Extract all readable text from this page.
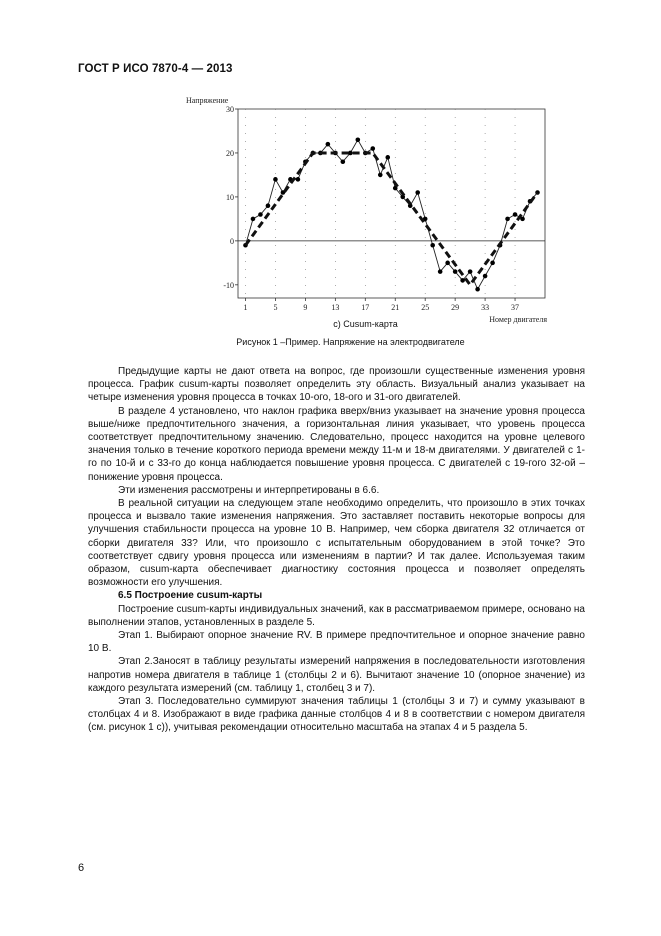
ГОСТ Р ИСО 7870-4 — 2013
30
20
10
0
-10
1	5	9	13	17	21	25	29	33	37
Напряжение
Номер двигателя
c) Cusum-карта
Рисунок 1 –Пример. Напряжение на электродвигателе

Предыдущие карты не дают ответа на вопрос, где произошли существенные изменения уровня процесса. График cusum-карты позволяет определить эту область. Визуальный анализ указывает на четыре изменения уровня процесса в точках 10-ого, 18-ого и 31-ого двигателей.

В разделе 4 установлено, что наклон графика вверх/вниз указывает на значение уровня процесса выше/ниже предпочтительного значения, а горизонтальная линия указывает, что уровень процесса соответствует предпочтительному значению. Следовательно, процесс находится на уровне целевого значения только в течение короткого периода времени между 11-м и 18-м двигателями. У двигателей с 1-го по 10-й и с 33-го до конца наблюдается повышение уровня процесса. С двигателей с 19-гого 32-ой – понижение уровня процесса.

Эти изменения рассмотрены и интерпретированы в 6.6.

В реальной ситуации на следующем этапе необходимо определить, что произошло в этих точках процесса и вызвало такие изменения напряжения. Это заставляет поставить некоторые вопросы для улучшения стабильности процесса на уровне 10 В. Например, чем сборка двигателя 32 отличается от сборки двигателя 33? Или, что произошло с испытательным оборудованием в этой точке? Это соответствует сдвигу уровня процесса или изменениям в партии? И так далее. Используемая таким образом, cusum-карта обеспечивает диагностику состояния процесса и позволяет определять возможности его улучшения.

6.5 Построение cusum-карты

Построение cusum-карты индивидуальных значений, как в рассматриваемом примере, основано на выполнении этапов, установленных в разделе 5.

Этап 1. Выбирают опорное значение RV. В примере предпочтительное и опорное значение равно 10 В.

Этап 2.Заносят в таблицу результаты измерений напряжения в последовательности изготовления напротив номера двигателя в таблице 1 (столбцы 2 и 6). Вычитают значение 10 (опорное значение) из каждого результата измерений (см. таблицу 1, столбец 3 и 7).

Этап 3. Последовательно суммируют значения таблицы 1 (столбцы 3 и 7) и сумму указывают в столбцах 4 и 8. Изображают в виде графика данные столбцов 4 и 8 в соответствии с номером двигателя (см. рисунок 1 с)), учитывая рекомендации относительно масштаба на этапах 4 и 5 раздела 5.

6
